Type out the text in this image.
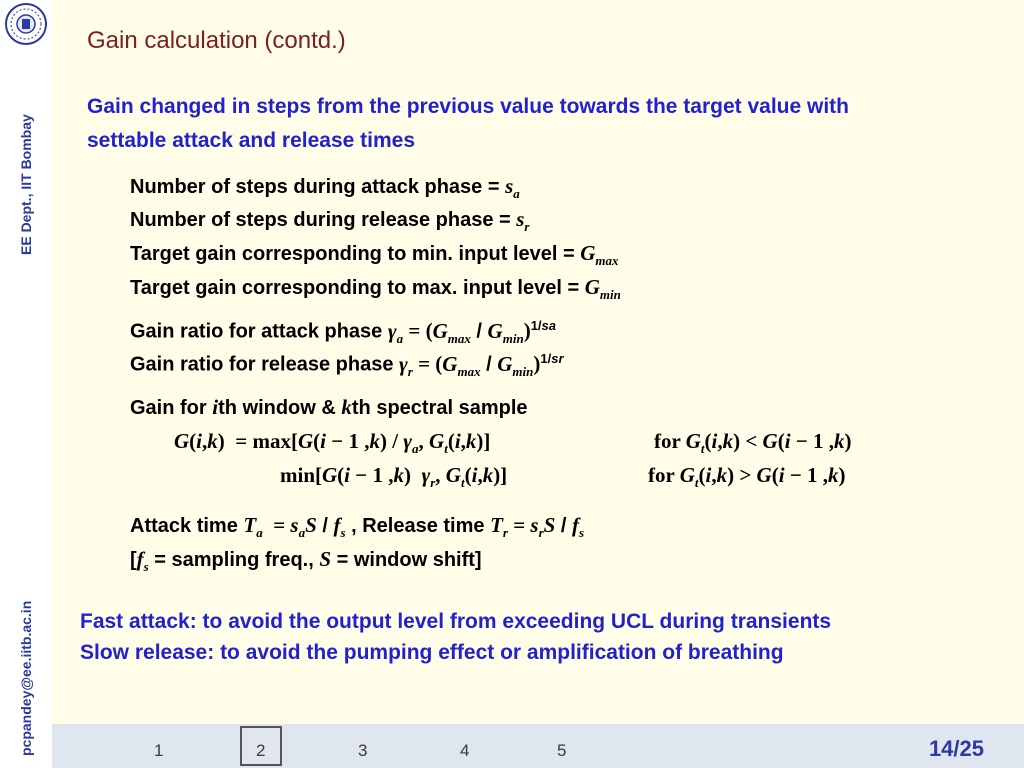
EE Dept., IIT Bombay
pcpandey@ee.iitb.ac.in
Gain calculation (contd.)
Gain changed in steps from the previous value towards the target value with
settable attack and release times
Number of steps during attack phase = $s_a$
Number of steps during release phase = $s_r$
Target gain corresponding to min. input level = $G_{max}$
Target gain corresponding to max. input level = $G_{min}$
Gain ratio for attack phase $\gamma_a = (G_{max} / G_{min})^{1/sa}$
Gain ratio for release phase $\gamma_r = (G_{max} / G_{min})^{1/sr}$
Gain for ith window & kth spectral sample
G(i,k)  = max[G(i − 1 $,k) / \gamma_a$, $G_t(i,k)$]	for $G_t(i,k) < G(i - 1$ ,k)
min[G(i − 1 ,k)  $\gamma_r$, $G_t(i,k)$]	for $G_t(i,k) > G(i - 1$ ,k)
Attack time $T_a = s_aS / f_s$ , Release time $T_r = s_rS / f_s$
[$f_s$ = sampling freq., S = window shift]
Fast attack: to avoid the output level from exceeding UCL during transients
Slow release: to avoid the pumping effect or amplification of breathing
1	2	3	4	5	14/25
